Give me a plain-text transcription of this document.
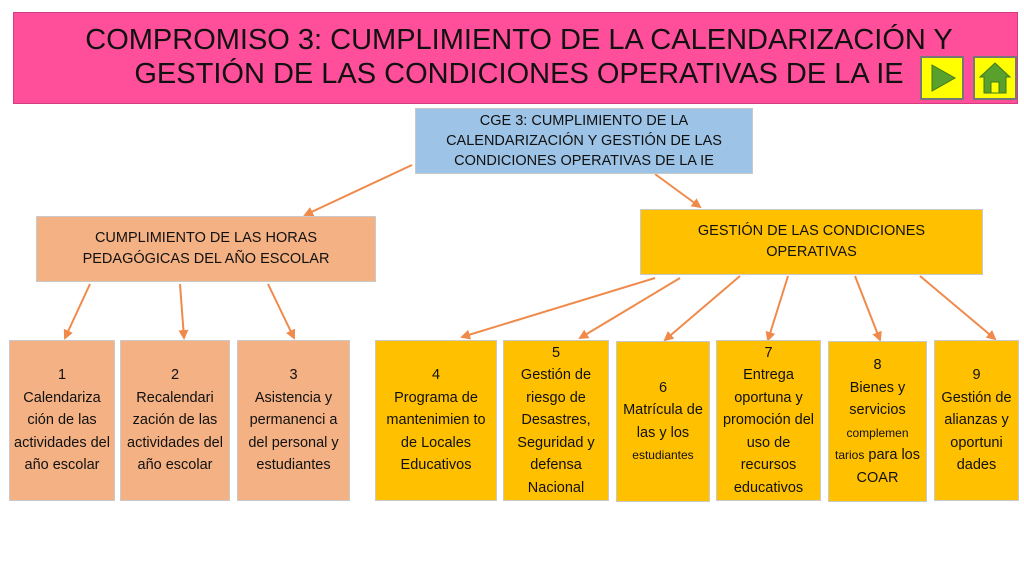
COMPROMISO 3: CUMPLIMIENTO DE LA CALENDARIZACIÓN Y GESTIÓN DE LAS CONDICIONES OPERATIVAS DE LA IE
CGE 3: CUMPLIMIENTO DE LA CALENDARIZACIÓN Y GESTIÓN DE LAS CONDICIONES OPERATIVAS DE LA IE
CUMPLIMIENTO DE LAS HORAS PEDAGÓGICAS DEL AÑO ESCOLAR
GESTIÓN DE LAS CONDICIONES OPERATIVAS
1
Calendariza ción de las actividades del año escolar
2
Recalendari zación de las actividades del año escolar
3
Asistencia y permanenci a del personal y estudiantes
4
Programa de mantenimien to de Locales Educativos
5
Gestión de riesgo de Desastres, Seguridad y defensa Nacional
6
Matrícula de las y los
estudiantes
7
Entrega oportuna y promoción del uso de recursos educativos
8
Bienes y servicios
complemen tarios para los COAR
9
Gestión de alianzas y oportuni dades
